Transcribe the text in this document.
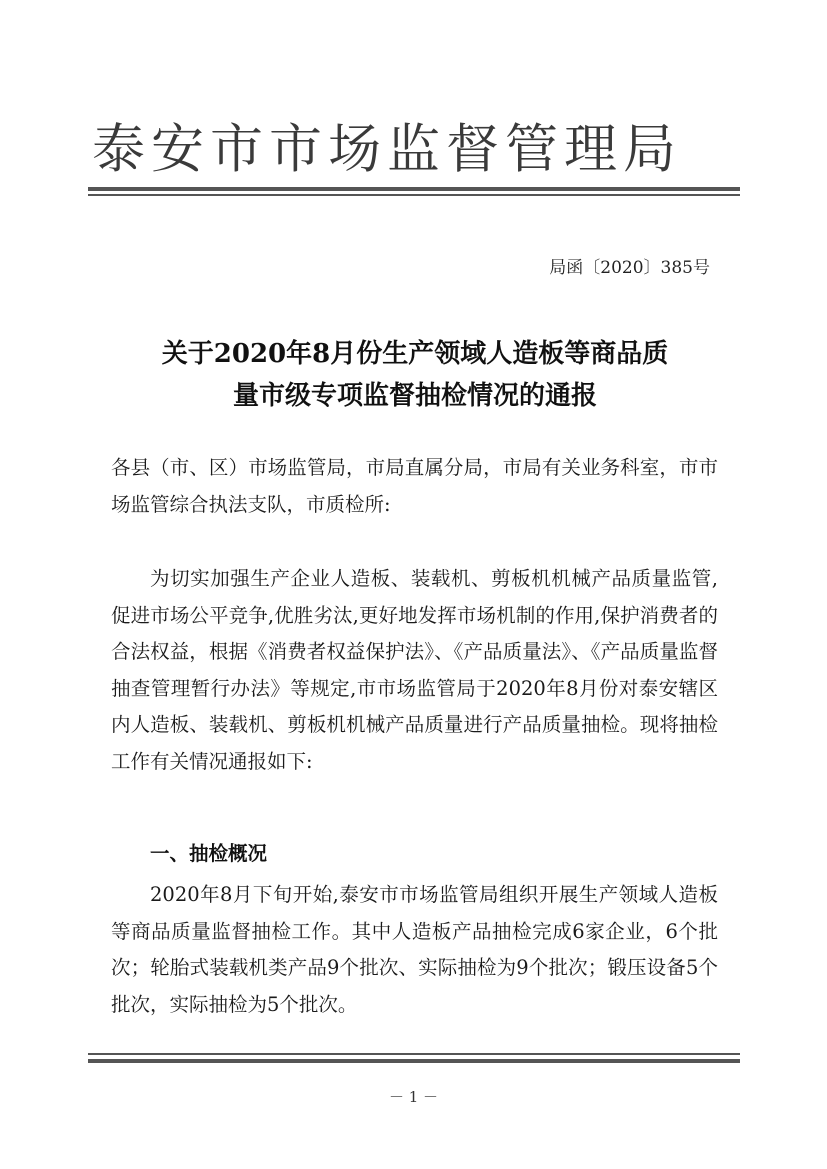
泰安市市场监督管理局
局函〔2020〕385号
关于2020年8月份生产领域人造板等商品质
量市级专项监督抽检情况的通报

各县（市、区）市场监管局，市局直属分局，市局有关业务科室，市市场监管综合执法支队，市质检所:

为切实加强生产企业人造板、装载机、剪板机机械产品质量监管,促进市场公平竞争,优胜劣汰,更好地发挥市场机制的作用,保护消费者的合法权益，根据《消费者权益保护法》、《产品质量法》、《产品质量监督抽查管理暂行办法》等规定,市市场监管局于2020年8月份对泰安辖区内人造板、装载机、剪板机机械产品质量进行产品质量抽检。现将抽检工作有关情况通报如下:

一、抽检概况

2020年8月下旬开始,泰安市市场监管局组织开展生产领域人造板等商品质量监督抽检工作。其中人造板产品抽检完成6家企业，6个批次；轮胎式装载机类产品9个批次、实际抽检为9个批次；锻压设备5个批次，实际抽检为5个批次。

－ 1 －
